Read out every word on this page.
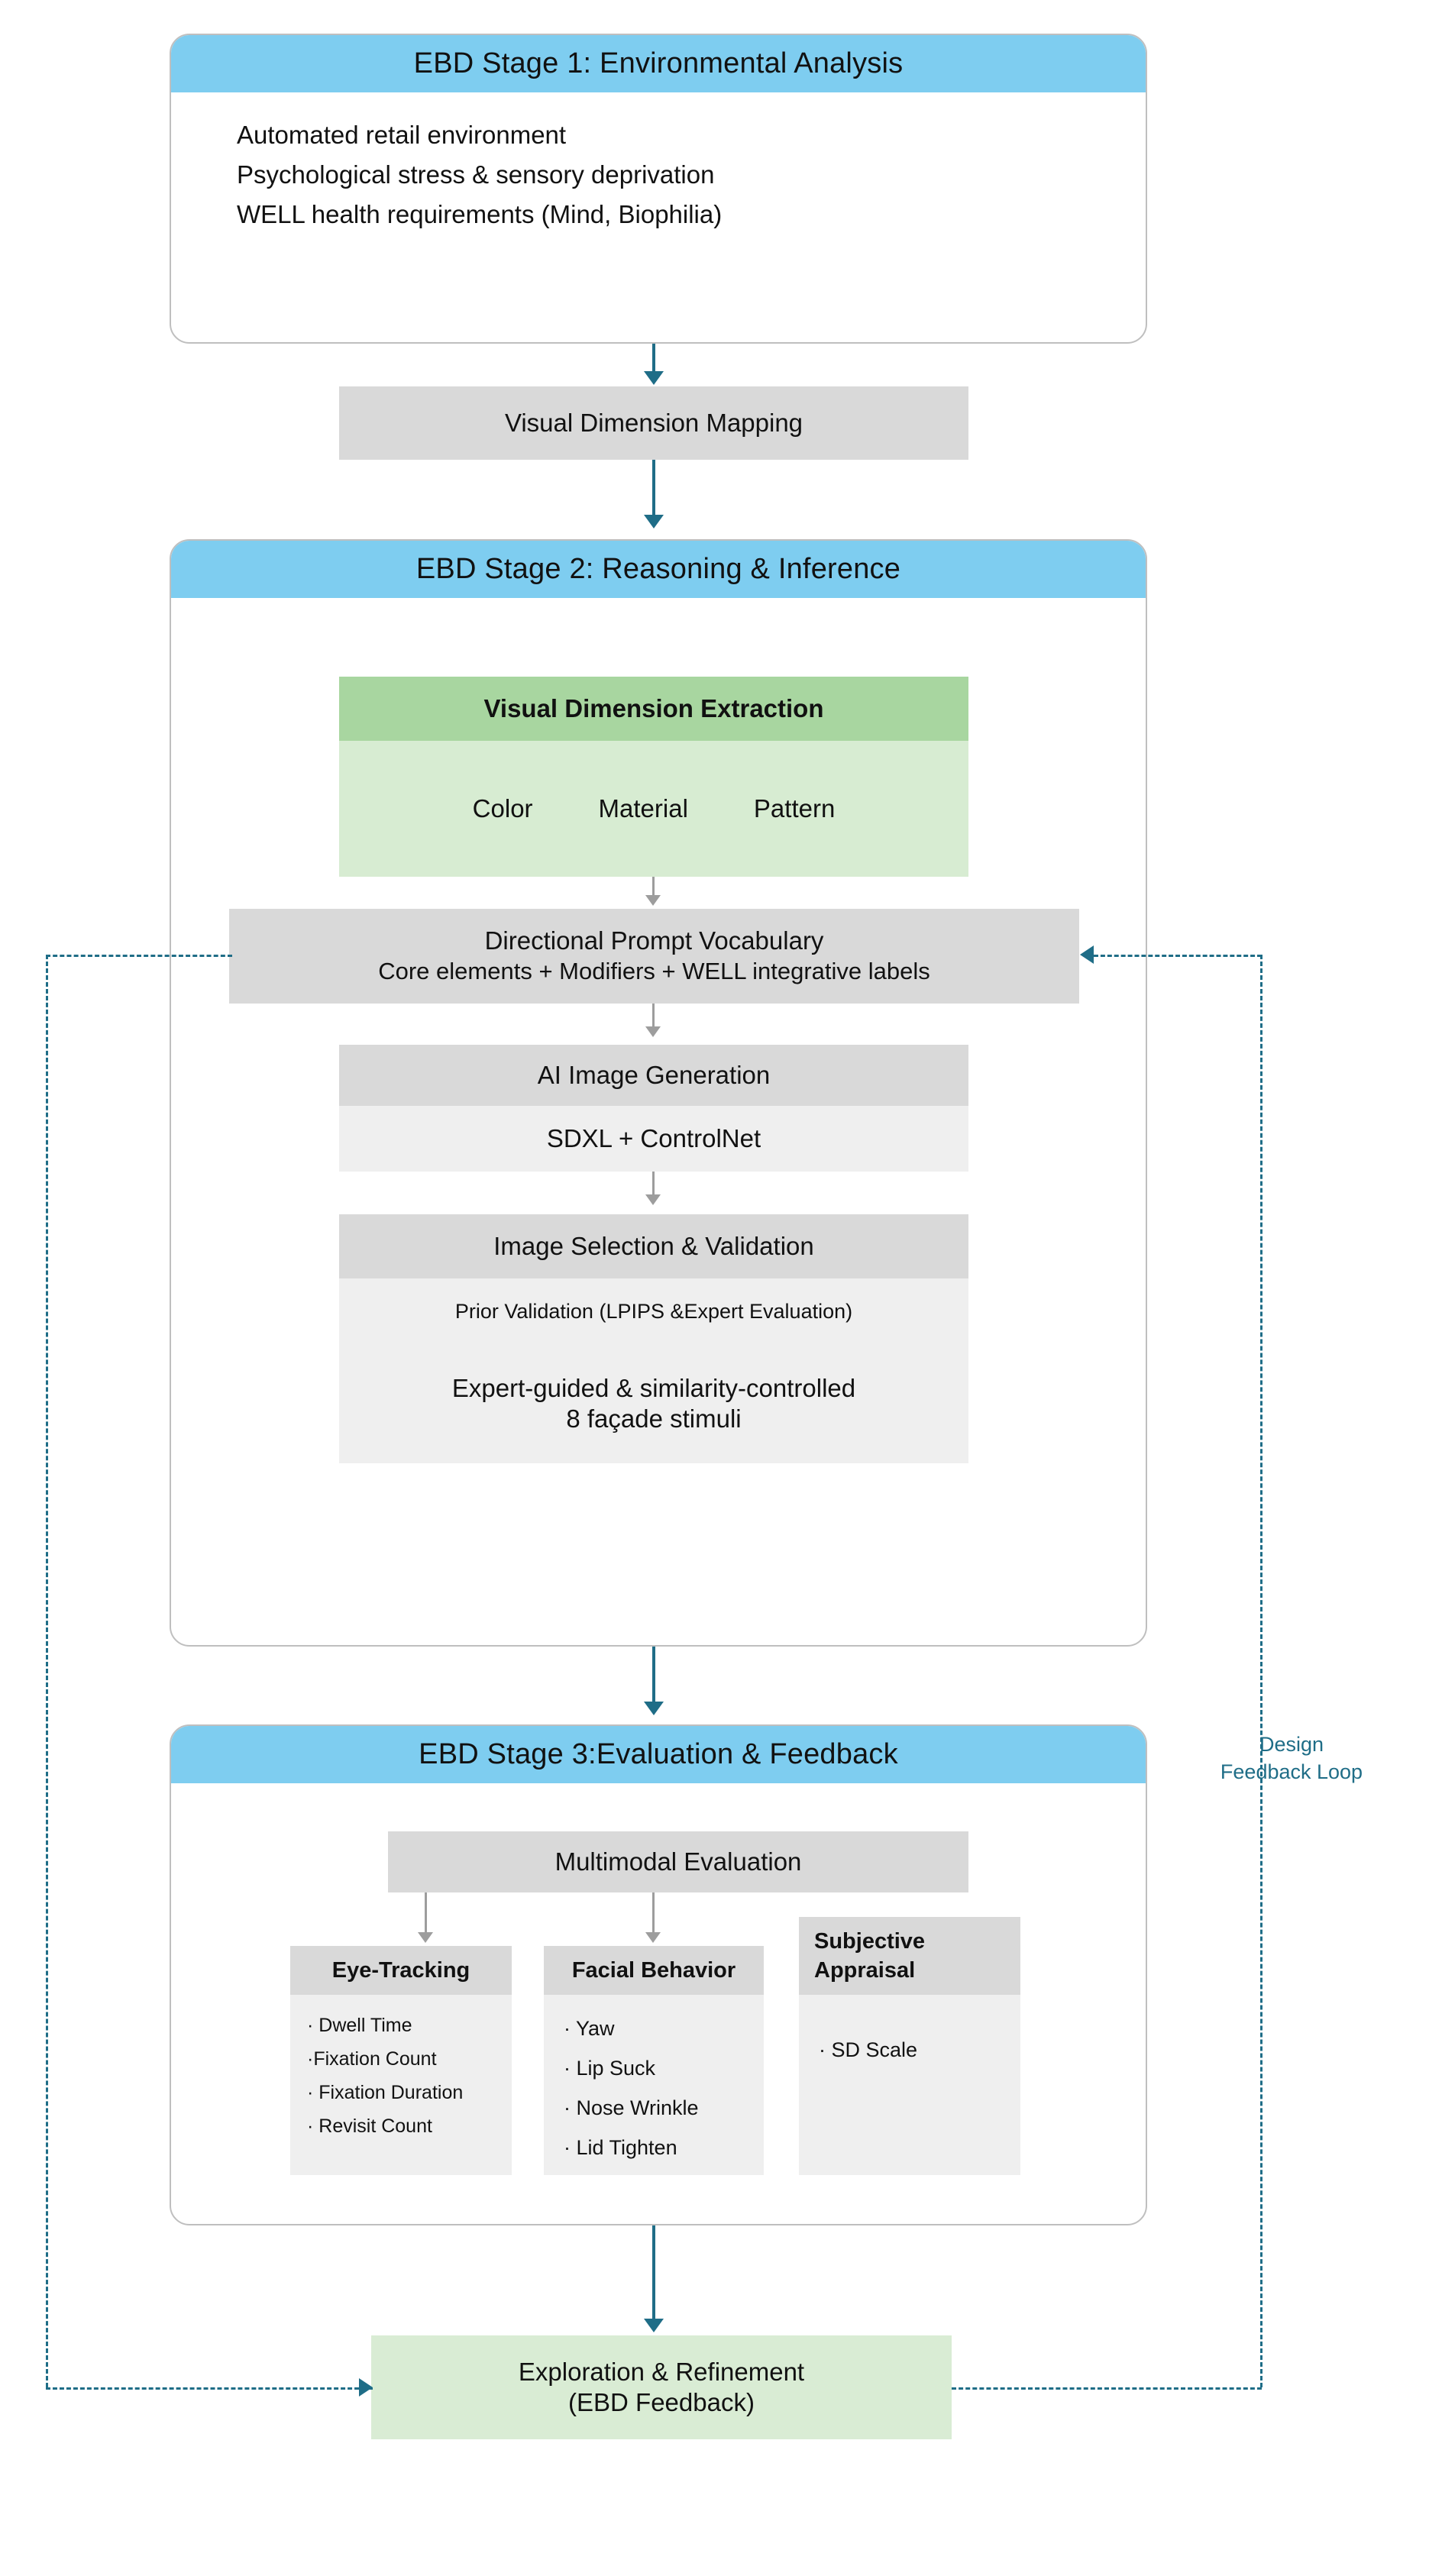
EBD Stage 1: Environmental Analysis
Automated retail environment
Psychological stress & sensory deprivation
WELL health requirements (Mind, Biophilia)
Visual Dimension Mapping
EBD Stage 2: Reasoning & Inference
Visual Dimension Extraction
Color	Material	Pattern
Directional Prompt Vocabulary
Core elements + Modifiers + WELL integrative labels
AI Image Generation
SDXL + ControlNet
Image Selection & Validation
Prior Validation (LPIPS &Expert Evaluation)
Expert-guided & similarity-controlled
8 façade stimuli
EBD Stage 3:Evaluation & Feedback
Multimodal Evaluation
Eye-Tracking
· Dwell Time
·Fixation Count
· Fixation Duration
· Revisit Count
Facial Behavior
· Yaw
· Lip Suck
· Nose Wrinkle
· Lid Tighten
Subjective Appraisal
· SD Scale
Exploration & Refinement
(EBD Feedback)
Design
Feedback Loop
